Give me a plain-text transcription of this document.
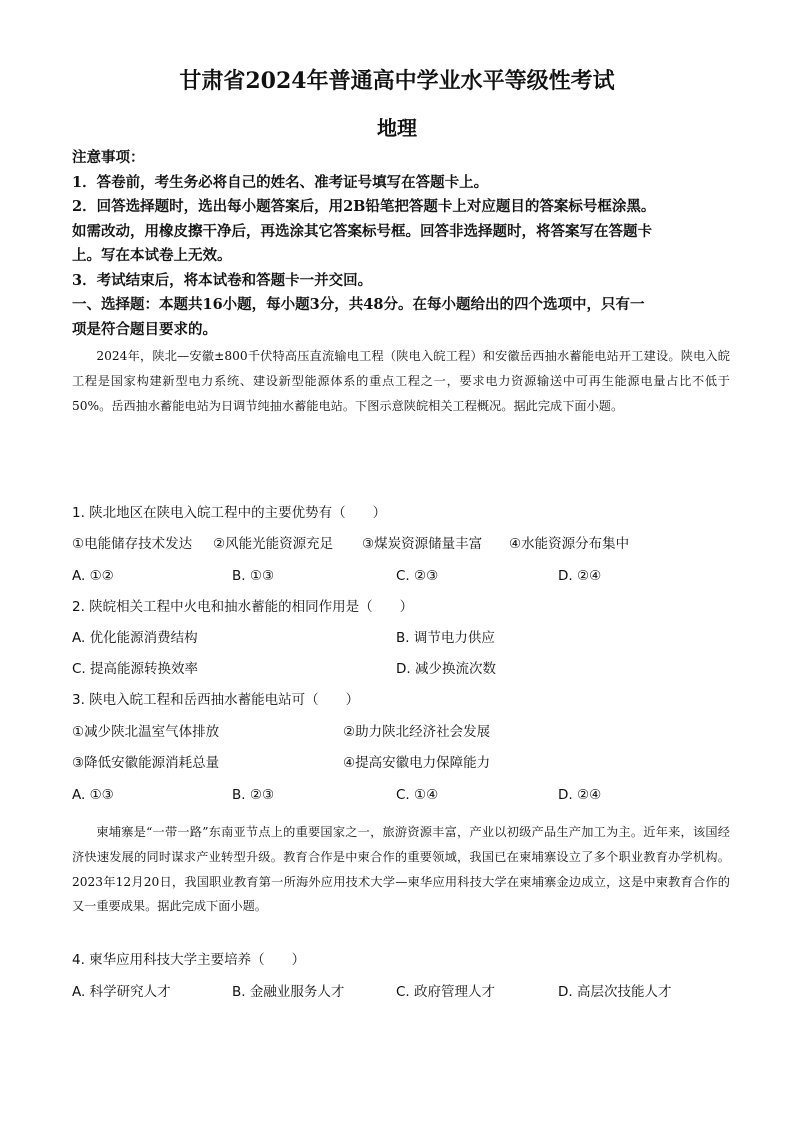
甘肃省2024年普通高中学业水平等级性考试
地理
注意事项：
1．答卷前，考生务必将自己的姓名、准考证号填写在答题卡上。
2．回答选择题时，选出每小题答案后，用2B铅笔把答题卡上对应题目的答案标号框涂黑。
如需改动，用橡皮擦干净后，再选涂其它答案标号框。回答非选择题时，将答案写在答题卡
上。写在本试卷上无效。
3．考试结束后，将本试卷和答题卡一并交回。
一、选择题：本题共16小题，每小题3分，共48分。在每小题给出的四个选项中，只有一
项是符合题目要求的。
2024年，陕北—安徽±800千伏特高压直流输电工程（陕电入皖工程）和安徽岳西抽水蓄能电站开工建设。陕电入皖工程是国家构建新型电力系统、建设新型能源体系的重点工程之一，要求电力资源输送中可再生能源电量占比不低于50%。岳西抽水蓄能电站为日调节纯抽水蓄能电站。下图示意陕皖相关工程概况。据此完成下面小题。
1. 陕北地区在陕电入皖工程中的主要优势有（　　）
①电能储存技术发达 ②风能光能资源充足 ③煤炭资源储量丰富 ④水能资源分布集中
A. ①②	B. ①③	C. ②③	D. ②④
2. 陕皖相关工程中火电和抽水蓄能的相同作用是（　　）
A. 优化能源消费结构	B. 调节电力供应
C. 提高能源转换效率	D. 减少换流次数
3. 陕电入皖工程和岳西抽水蓄能电站可（　　）
①减少陕北温室气体排放	②助力陕北经济社会发展
③降低安徽能源消耗总量	④提高安徽电力保障能力
A. ①③	B. ②③	C. ①④	D. ②④
柬埔寨是“一带一路”东南亚节点上的重要国家之一，旅游资源丰富，产业以初级产品生产加工为主。近年来，该国经济快速发展的同时谋求产业转型升级。教育合作是中柬合作的重要领域，我国已在柬埔寨设立了多个职业教育办学机构。2023年12月20日，我国职业教育第一所海外应用技术大学—柬华应用科技大学在柬埔寨金边成立，这是中柬教育合作的又一重要成果。据此完成下面小题。
4. 柬华应用科技大学主要培养（　　）
A. 科学研究人才	B. 金融业服务人才	C. 政府管理人才	D. 高层次技能人才
